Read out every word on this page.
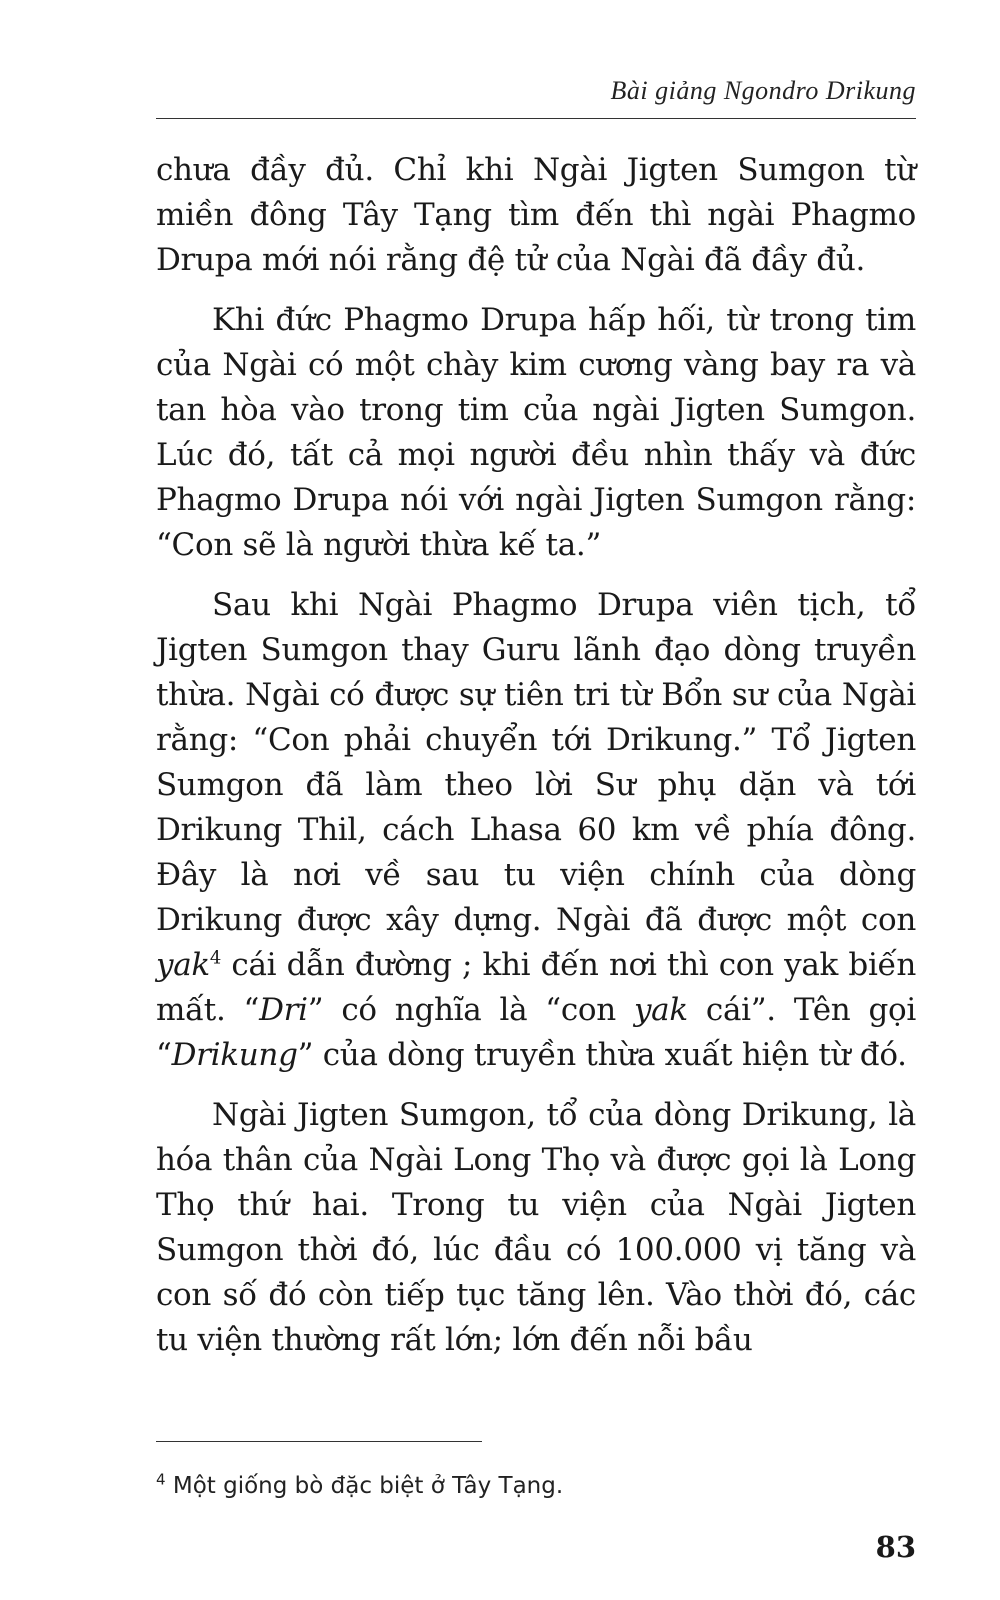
Bài giảng Ngondro Drikung

chưa đầy đủ. Chỉ khi Ngài Jigten Sumgon từ miền đông Tây Tạng tìm đến thì ngài Phagmo Drupa mới nói rằng đệ tử của Ngài đã đầy đủ.

Khi đức Phagmo Drupa hấp hối, từ trong tim của Ngài có một chày kim cương vàng bay ra và tan hòa vào trong tim của ngài Jigten Sumgon. Lúc đó, tất cả mọi người đều nhìn thấy và đức Phagmo Drupa nói với ngài Jigten Sumgon rằng: “Con sẽ là người thừa kế ta.”

Sau khi Ngài Phagmo Drupa viên tịch, tổ Jigten Sumgon thay Guru lãnh đạo dòng truyền thừa. Ngài có được sự tiên tri từ Bổn sư của Ngài rằng: “Con phải chuyển tới Drikung.” Tổ Jigten Sumgon đã làm theo lời Sư phụ dặn và tới Drikung Thil, cách Lhasa 60 km về phía đông. Đây là nơi về sau tu viện chính của dòng Drikung được xây dựng. Ngài đã được một con yak$^4$ cái dẫn đường ; khi đến nơi thì con yak biến mất. “Dri” có nghĩa là “con yak cái”. Tên gọi “Drikung” của dòng truyền thừa xuất hiện từ đó.

Ngài Jigten Sumgon, tổ của dòng Drikung, là hóa thân của Ngài Long Thọ và được gọi là Long Thọ thứ hai. Trong tu viện của Ngài Jigten Sumgon thời đó, lúc đầu có 100.000 vị tăng và con số đó còn tiếp tục tăng lên. Vào thời đó, các tu viện thường rất lớn; lớn đến nỗi bầu

$^4$ Một giống bò đặc biệt ở Tây Tạng.
83
